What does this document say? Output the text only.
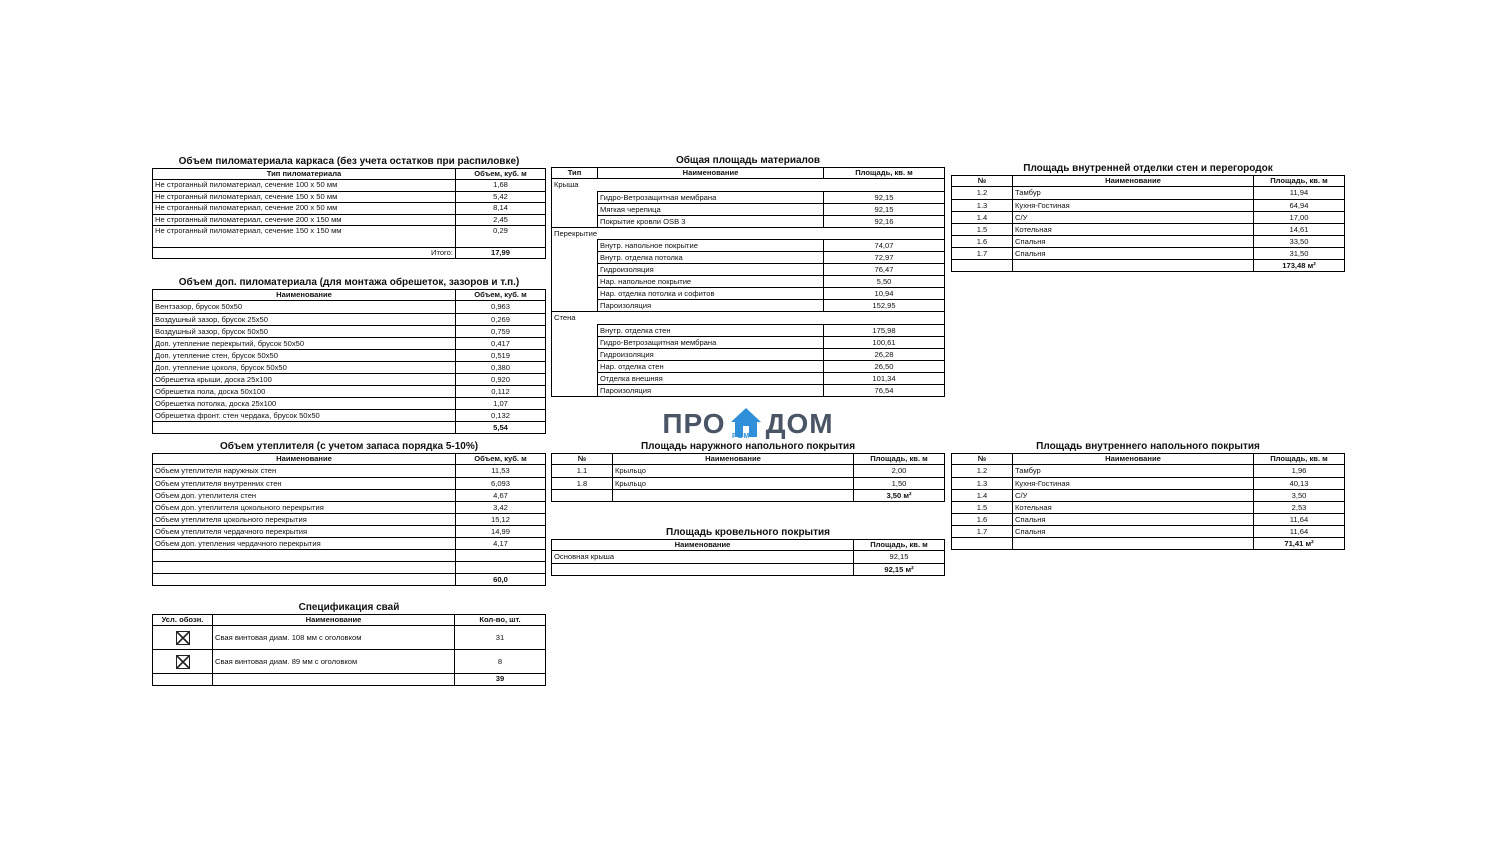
Объем пиломатериала каркаса (без учета остатков при распиловке)
Тип пиломатериала	Объем, куб. м
Не строганный пиломатериал, сечение 100 х 50 мм	1,68
Не строганный пиломатериал, сечение 150 х 50 мм	5,42
Не строганный пиломатериал, сечение 200 х 50 мм	8,14
Не строганный пиломатериал, сечение 200 х 150 мм	2,45
Не строганный пиломатериал, сечение 150 х 150 мм	0,29

Итого:	17,99
Объем доп. пиломатериала (для монтажа обрешеток, зазоров и т.п.)
Наименование	Объем, куб. м
Вентзазор, брусок 50х50	0,963
Воздушный зазор, брусок 25х50	0,269
Воздушный зазор, брусок 50х50	0,759
Доп. утепление перекрытий, брусок 50х50	0,417
Доп. утепление стен, брусок 50х50	0,519
Доп. утепление цоколя, брусок 50х50	0,380
Обрешетка крыши, доска 25х100	0,920
Обрешетка пола, доска 50х100	0,112
Обрешетка потолка, доска 25х100	1,07
Обрешетка фронт. стен чердака, брусок 50х50	0,132
	5,54
Объем утеплителя (с учетом запаса порядка 5-10%)
Наименование	Объем, куб. м
Объем утеплителя наружных стен	11,53
Объем утеплителя внутренних стен	6,093
Объем доп. утеплителя стен	4,67
Объем доп. утеплителя цокольного перекрытия	3,42
Объем утеплителя цокольного перекрытия	15,12
Объем утеплителя чердачного перекрытия	14,99
Объем доп. утепления чердачного перекрытия	4,17

	60,0
Спецификация свай
Усл. обозн.	Наименование	Кол-во, шт.
	Свая винтовая диам. 108 мм с оголовком	31
	Свая винтовая диам. 89 мм с оголовком	8
		39
Общая площадь материалов
Тип	Наименование	Площадь, кв. м
Крыша		
	Гидро-Ветрозащитная мембрана	92,15
	Мягкая черепица	92,15
	Покрытие кровли OSB 3	92,16
Перекрытие		
	Внутр. напольное покрытие	74,07
	Внутр. отделка потолка	72,97
	Гидроизоляция	76,47
	Нар. напольное покрытие	5,50
	Нар. отделка потолка и софитов	10,94
	Пароизоляция	152,95
Стена		
	Внутр. отделка стен	175,98
	Гидро-Ветрозащитная мембрана	100,61
	Гидроизоляция	26,28
	Нар. отделка стен	26,50
	Отделка внешняя	101,34
	Пароизоляция	76,54
ПРО ДОМ
РЕМ
Площадь наружного напольного покрытия
№	Наименование	Площадь, кв. м
1.1	Крыльцо	2,00
1.8	Крыльцо	1,50
		3,50 м²
Площадь кровельного покрытия
Наименование	Площадь, кв. м
Основная крыша	92,15
	92,15 м²
Площадь внутренней отделки стен и перегородок
№	Наименование	Площадь, кв. м
1.2	Тамбур	11,94
1.3	Кухня-Гостиная	64,94
1.4	С/У	17,00
1.5	Котельная	14,61
1.6	Спальня	33,50
1.7	Спальня	31,50
		173,48 м²
Площадь внутреннего напольного покрытия
№	Наименование	Площадь, кв. м
1.2	Тамбур	1,96
1.3	Кухня-Гостиная	40,13
1.4	С/У	3,50
1.5	Котельная	2,53
1.6	Спальня	11,64
1.7	Спальня	11,64
		71,41 м²
